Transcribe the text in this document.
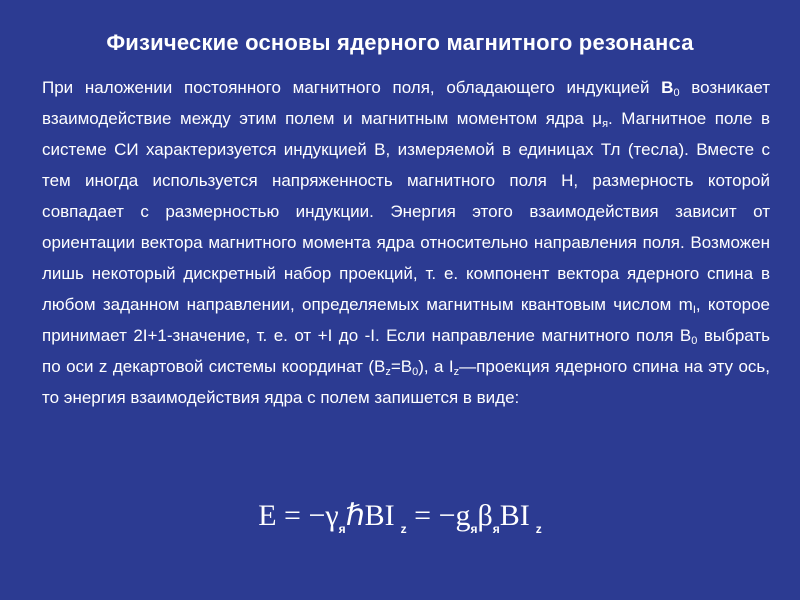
Физические основы ядерного магнитного резонанса
При наложении постоянного магнитного поля, обладающего индукцией $B_0$ возникает взаимодействие между этим полем и магнитным моментом ядра $\mu_я$. Магнитное поле в системе СИ характеризуется индукцией B, измеряемой в единицах Тл (тесла). Вместе с тем иногда используется напряженность магнитного поля H, размерность которой совпадает с размерностью индукции. Энергия этого взаимодействия зависит от ориентации вектора магнитного момента ядра относительно направления поля. Возможен лишь некоторый дискретный набор проекций, т. е. компонент вектора ядерного спина в любом заданном направлении, определяемых магнитным квантовым числом $m_I$, которое принимает 2I+1-значение, т. е. от +I до -I. Если направление магнитного поля $B_0$ выбрать по оси z декартовой системы координат $(B_z=B_0)$, а $I_z—проекция$ ядерного спина на эту ось, то энергия взаимодействия ядра с полем запишется в виде:
$E = -\gamma_я\hbar BI$ $_z = -g_я\beta_яBI$ $_z$
